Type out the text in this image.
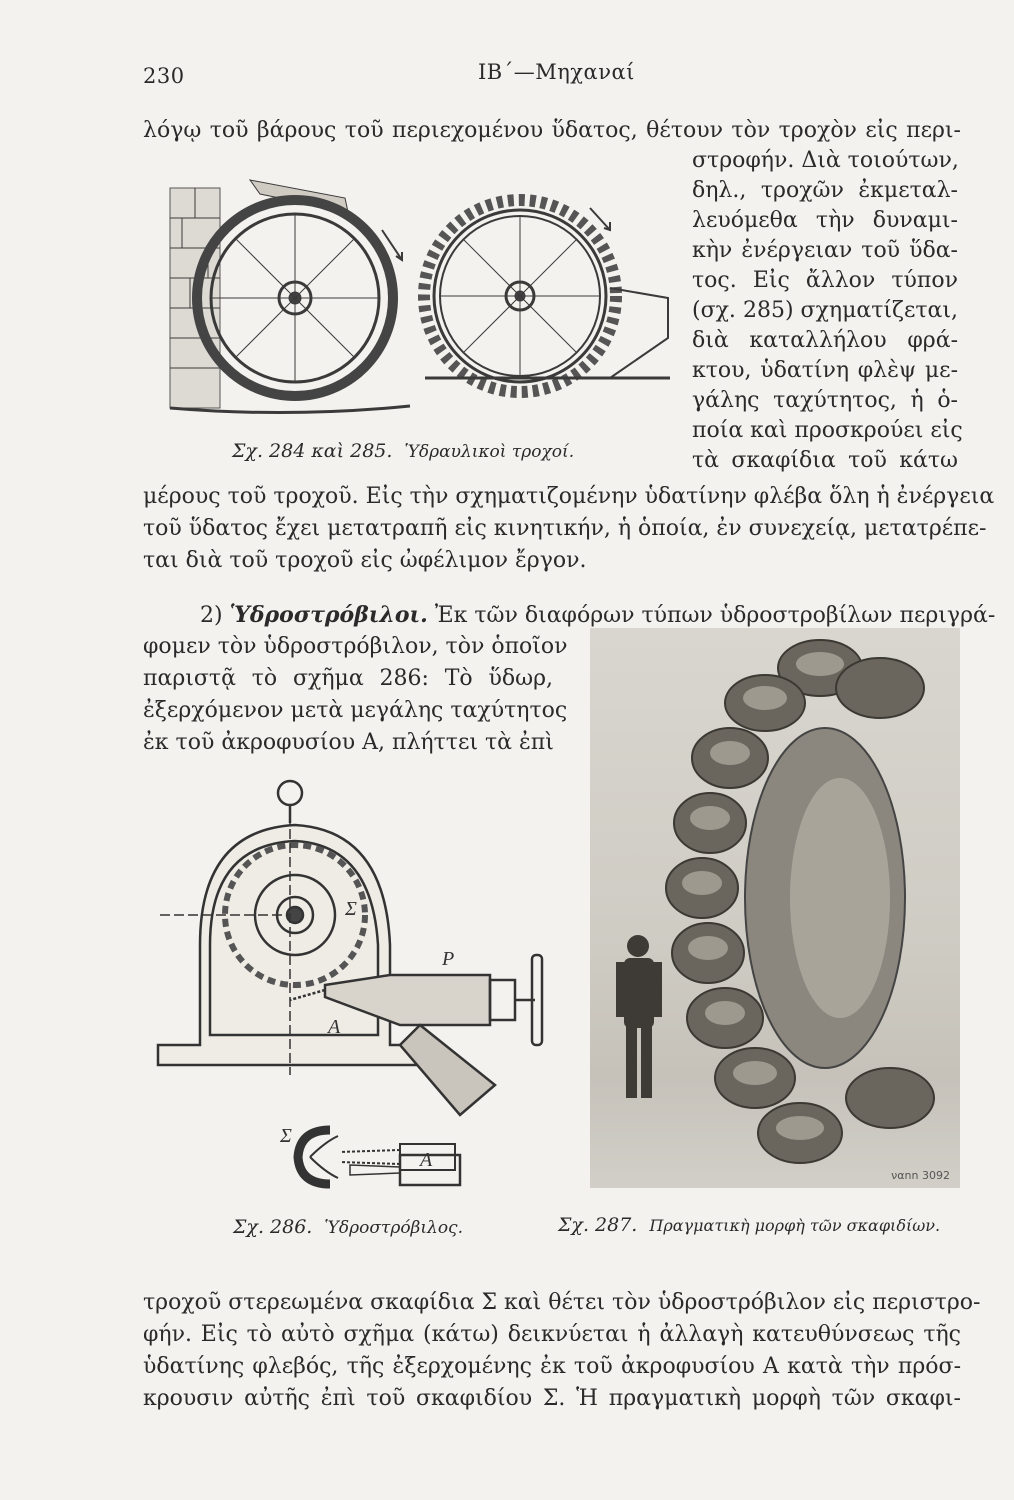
230	IB΄—Μηχαναί
λόγῳ τοῦ βάρους τοῦ περιεχομένου ὕδατος, θέτουν τὸν τροχὸν εἰς περι-
στροφήν. Διὰ τοιούτων,
δηλ., τροχῶν ἐκμεταλ-
λευόμεθα τὴν δυναμι-
κὴν ἐνέργειαν τοῦ ὕδα-
τος. Εἰς ἄλλον τύπον
(σχ. 285) σχηματίζεται,
διὰ καταλλήλου φρά-
κτου, ὑδατίνη φλὲψ με-
γάλης ταχύτητος, ἡ ὁ-
ποία καὶ προσκρούει εἰς
τὰ σκαφίδια τοῦ κάτω
μέρους τοῦ τροχοῦ. Εἰς τὴν σχηματιζομένην ὑδατίνην φλέβα ὅλη ἡ ἐνέργεια
τοῦ ὕδατος ἔχει μετατραπῆ εἰς κινητικήν, ἡ ὁποία, ἐν συνεχείᾳ, μετατρέπε-
ται διὰ τοῦ τροχοῦ εἰς ὠφέλιμον ἔργον.
Σχ. 284 καὶ 285. Ὑδραυλικοὶ τροχοί.
2) Ὑδροστρόβιλοι. Ἐκ τῶν διαφόρων τύπων ὑδροστροβίλων περιγρά-
φομεν τὸν ὑδροστρόβιλον, τὸν ὁποῖον
παριστᾷ τὸ σχῆμα 286: Τὸ ὕδωρ,
ἐξερχόμενον μετὰ μεγάλης ταχύτητος
ἐκ τοῦ ἀκροφυσίου Α, πλήττει τὰ ἐπὶ
Σ
P
A
Σ
A
Σχ. 286. Ὑδροστρόβιλος.
ναnn 3092
Σχ. 287. Πραγματικὴ μορφὴ τῶν σκαφιδίων.
τροχοῦ στερεωμένα σκαφίδια Σ καὶ θέτει τὸν ὑδροστρόβιλον εἰς περιστρο-
φήν. Εἰς τὸ αὐτὸ σχῆμα (κάτω) δεικνύεται ἡ ἀλλαγὴ κατευθύνσεως τῆς
ὑδατίνης φλεβός, τῆς ἐξερχομένης ἐκ τοῦ ἀκροφυσίου Α κατὰ τὴν πρόσ-
κρουσιν αὐτῆς ἐπὶ τοῦ σκαφιδίου Σ. Ἡ πραγματικὴ μορφὴ τῶν σκαφι-
